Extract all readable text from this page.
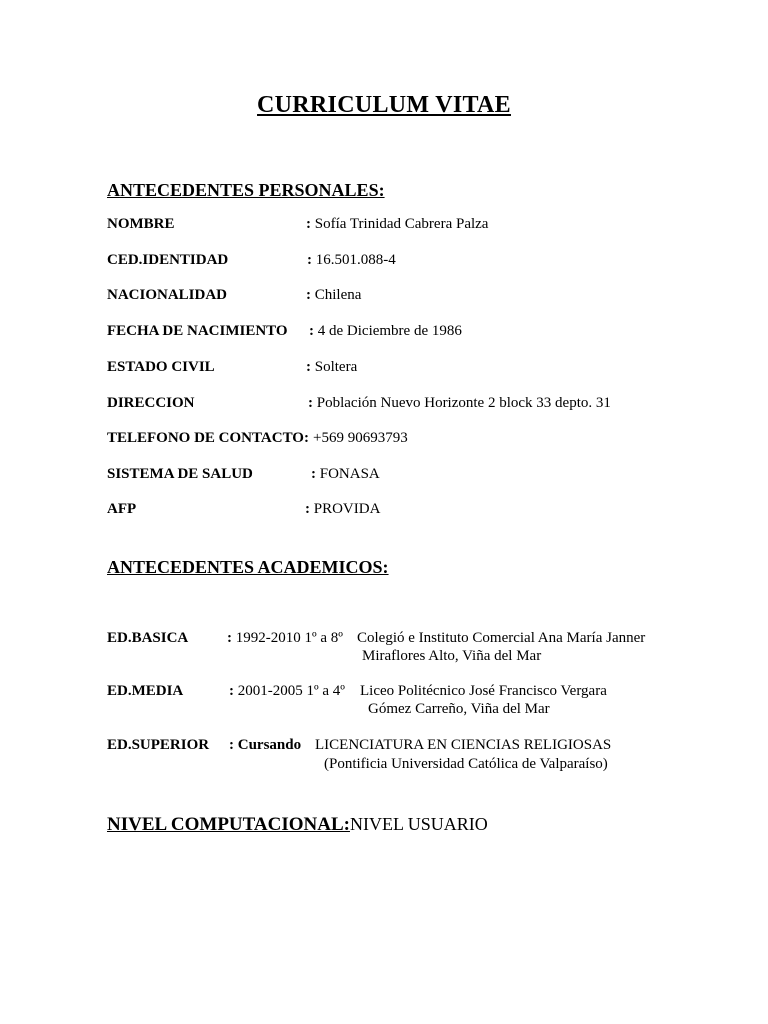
CURRICULUM VITAE
ANTECEDENTES PERSONALES:
NOMBRE	: Sofía Trinidad Cabrera Palza
CED.IDENTIDAD	: 16.501.088-4
NACIONALIDAD	: Chilena
FECHA DE NACIMIENTO : 4 de Diciembre de 1986
ESTADO CIVIL	: Soltera
DIRECCION	: Población Nuevo Horizonte 2 block 33 depto. 31
TELEFONO DE CONTACTO: +569 90693793
SISTEMA DE SALUD	: FONASA
AFP	: PROVIDA
ANTECEDENTES ACADEMICOS:
ED.BASICA	: 1992-2010 1º a 8º Colegió e Instituto Comercial Ana María Janner
Miraflores Alto, Viña del Mar
ED.MEDIA	: 2001-2005 1º a 4º Liceo Politécnico José Francisco Vergara
Gómez Carreño, Viña del Mar
ED.SUPERIOR : Cursando LICENCIATURA EN CIENCIAS RELIGIOSAS
(Pontificia Universidad Católica de Valparaíso)
NIVEL COMPUTACIONAL:NIVEL USUARIO
